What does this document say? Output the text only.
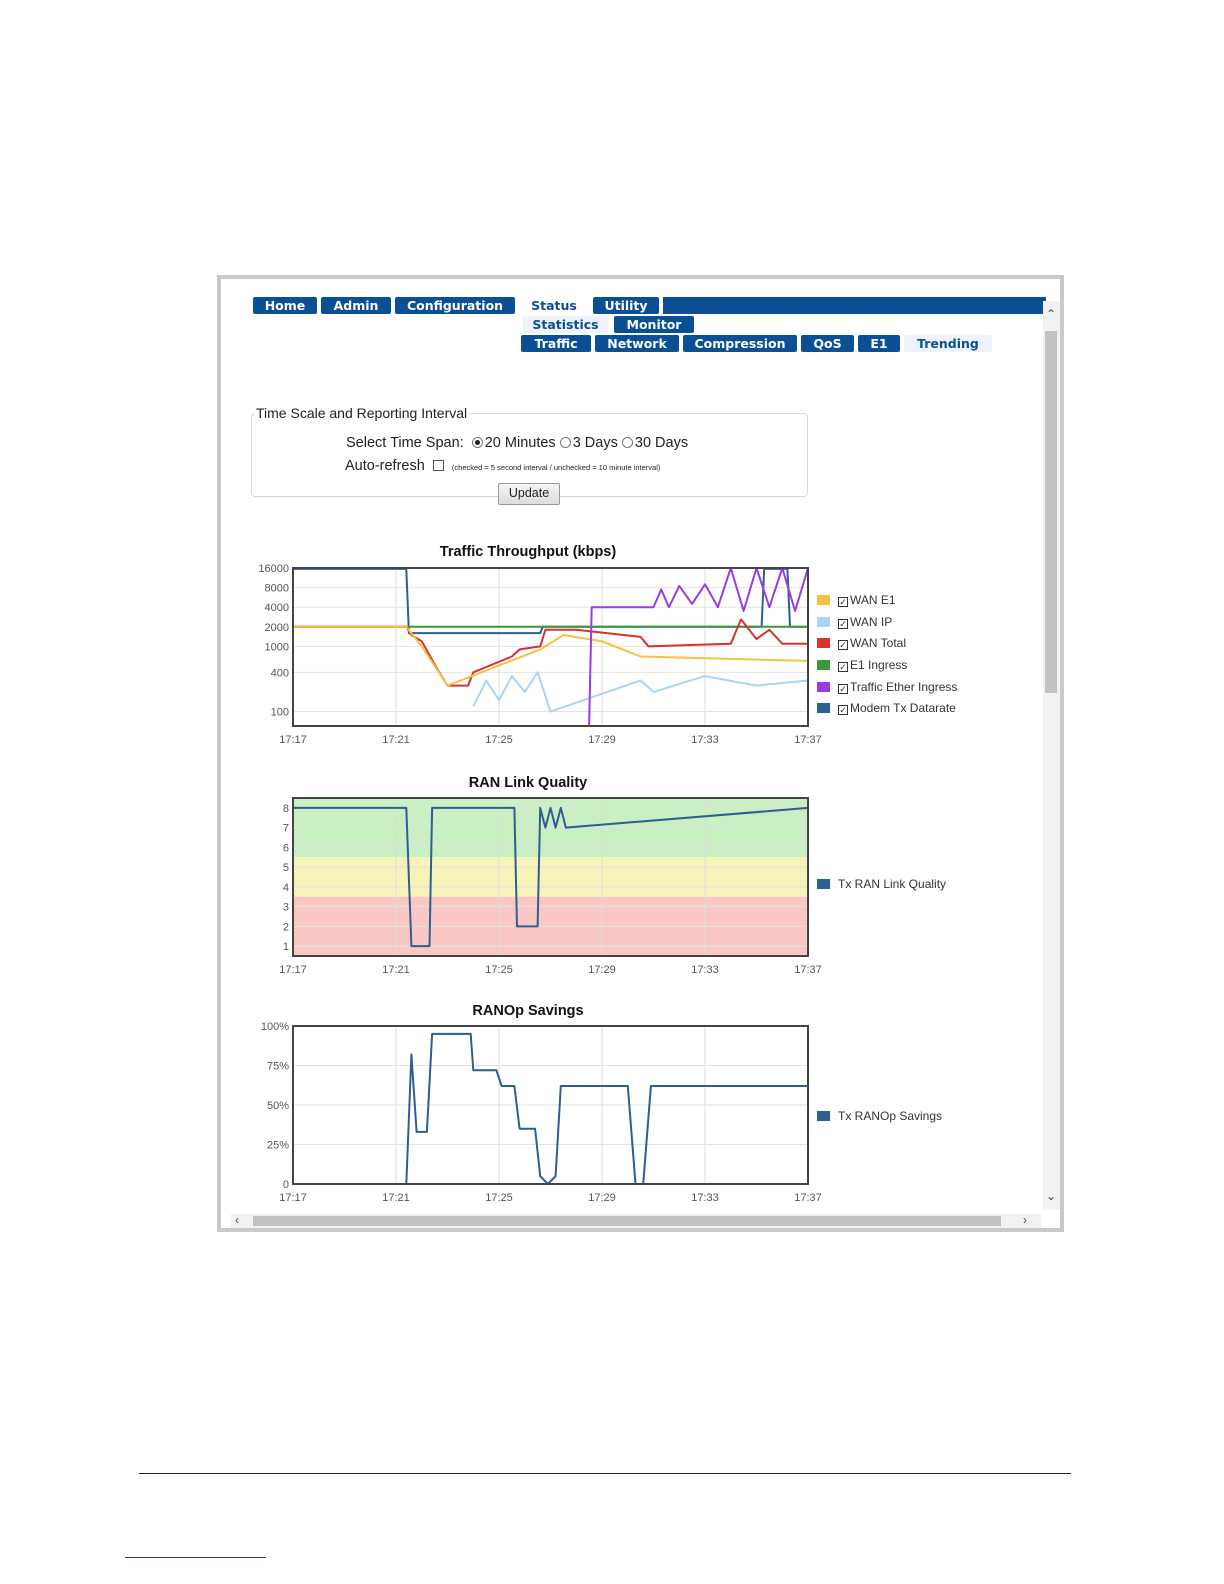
Home	Admin	Configuration	Status	Utility
Statistics	Monitor
Traffic	Network	Compression	QoS	E1	Trending
Time Scale and Reporting Interval
Select Time Span: 20 Minutes 3 Days 30 Days
Auto-refresh	(checked = 5 second interval / unchecked = 10 minute interval)
Update
Traffic Throughput (kbps)
17:17	17:21	17:25	17:29	17:33	17:37
16000
8000
4000
2000
1000
400
100
✓ WAN E1
✓ WAN IP
✓ WAN Total
✓ E1 Ingress
✓ Traffic Ether Ingress
✓ Modem Tx Datarate
RAN Link Quality
17:17	17:21	17:25	17:29	17:33	17:37
8
7
6
5
4
3
2
1
Tx RAN Link Quality
RANOp Savings
17:17	17:21	17:25	17:29	17:33	17:37
100%
75%
50%
25%
0
Tx RANOp Savings
⌃
⌄
‹	›
